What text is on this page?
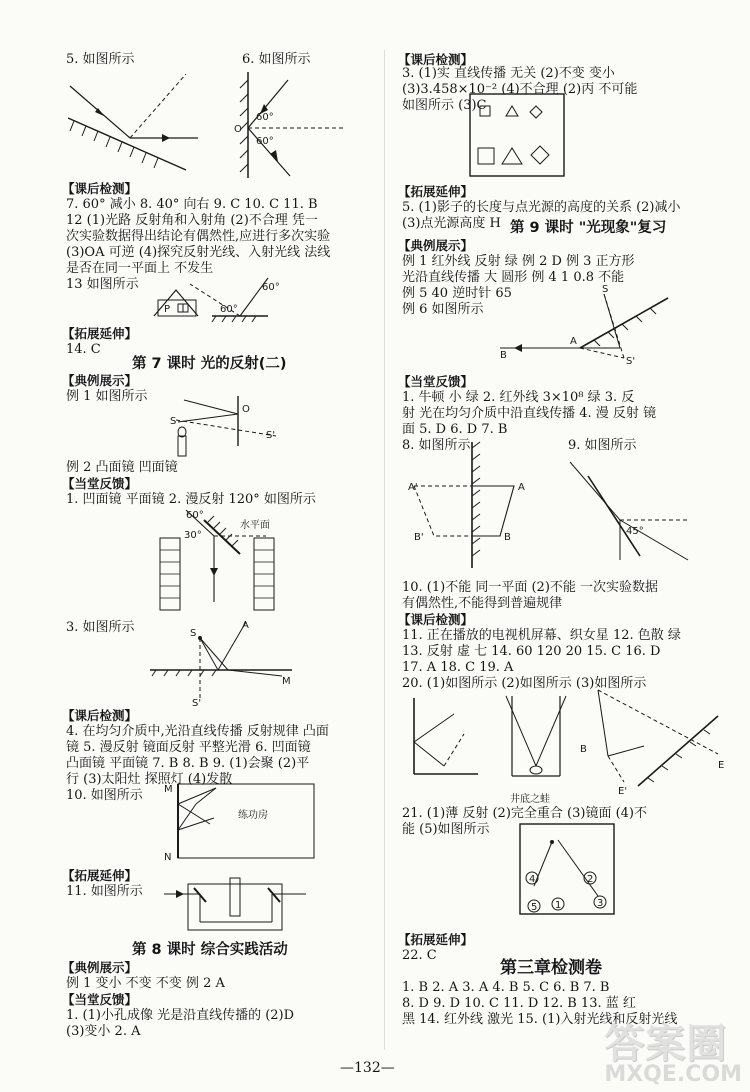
5. 如图所示	6. 如图所示
O
60°
60°
【课后检测】
7. 60° 减小 8. 40° 向右 9. C 10. C 11. B
12 (1)光路 反射角和入射角 (2)不合理 凭一
次实验数据得出结论有偶然性,应进行多次实验
(3)OA 可逆 (4)探究反射光线、入射光线 法线
是否在同一平面上 不发生
13 如图所示
P	60°
60°
【拓展延伸】
14. C
第 7 课时 光的反射(二)
【典例展示】
例 1 如图所示
S
O
S'
例 2 凸面镜 凹面镜
【当堂反馈】
1. 凹面镜 平面镜 2. 漫反射 120° 如图所示
60°
30°
水平面
3. 如图所示	S
A
M
S'
【课后检测】
4. 在均匀介质中,光沿直线传播 反射规律 凸面
镜 5. 漫反射 镜面反射 平整光滑 6. 凹面镜
凸面镜 平面镜 7. B 8. B 9. (1)会聚 (2)平
行 (3)太阳灶 探照灯 (4)发散
10. 如图所示 M
N
练功房
【拓展延伸】
11. 如图所示
第 8 课时 综合实践活动
【典例展示】
例 1 变小 不变 不变 例 2 A
【当堂反馈】
1. (1)小孔成像 光是沿直线传播的 (2)D
(3)变小 2. A
【课后检测】
3. (1)实 直线传播 无关 (2)不变 变小
(3)3.458×10⁻² (4)不合理 (2)丙 不可能
如图所示 (3)C
【拓展延伸】
5. (1)影子的长度与点光源的高度的关系 (2)减小
(3)点光源高度 H 第 9 课时 "光现象"复习
【典例展示】
例 1 红外线 反射 绿 例 2 D 例 3 正方形
光沿直线传播 大 圆形 例 4 1 0.8 不能
例 5 40 逆时针 65
例 6 如图所示
S
B
A
S'
【当堂反馈】
1. 牛顿 小 绿 2. 红外线 3×10⁸ 绿 3. 反
射 光在均匀介质中沿直线传播 4. 漫 反射 镜
面 5. D 6. D 7. B
8. 如图所示	9. 如图所示
A'	A
B'	B
45°
10. (1)不能 同一平面 (2)不能 一次实验数据
有偶然性,不能得到普遍规律
【课后检测】
11. 正在播放的电视机屏幕、织女星 12. 色散 绿
13. 反射 虚 七 14. 60 120 20 15. C 16. D
17. A 18. C 19. A
20. (1)如图所示 (2)如图所示 (3)如图所示
井底之蛙
B
E
E'
21. (1)薄 反射 (2)完全重合 (3)镜面 (4)不
能 (5)如图所示
4	2
5 1	3
【拓展延伸】
22. C
第三章检测卷
1. B 2. A 3. A 4. B 5. C 6. B 7. B
8. D 9. D 10. C 11. D 12. B 13. 蓝 红
黑 14. 红外线 激光 15. (1)入射光线和反射光线
—132—
答案圈
MXQE.COM
